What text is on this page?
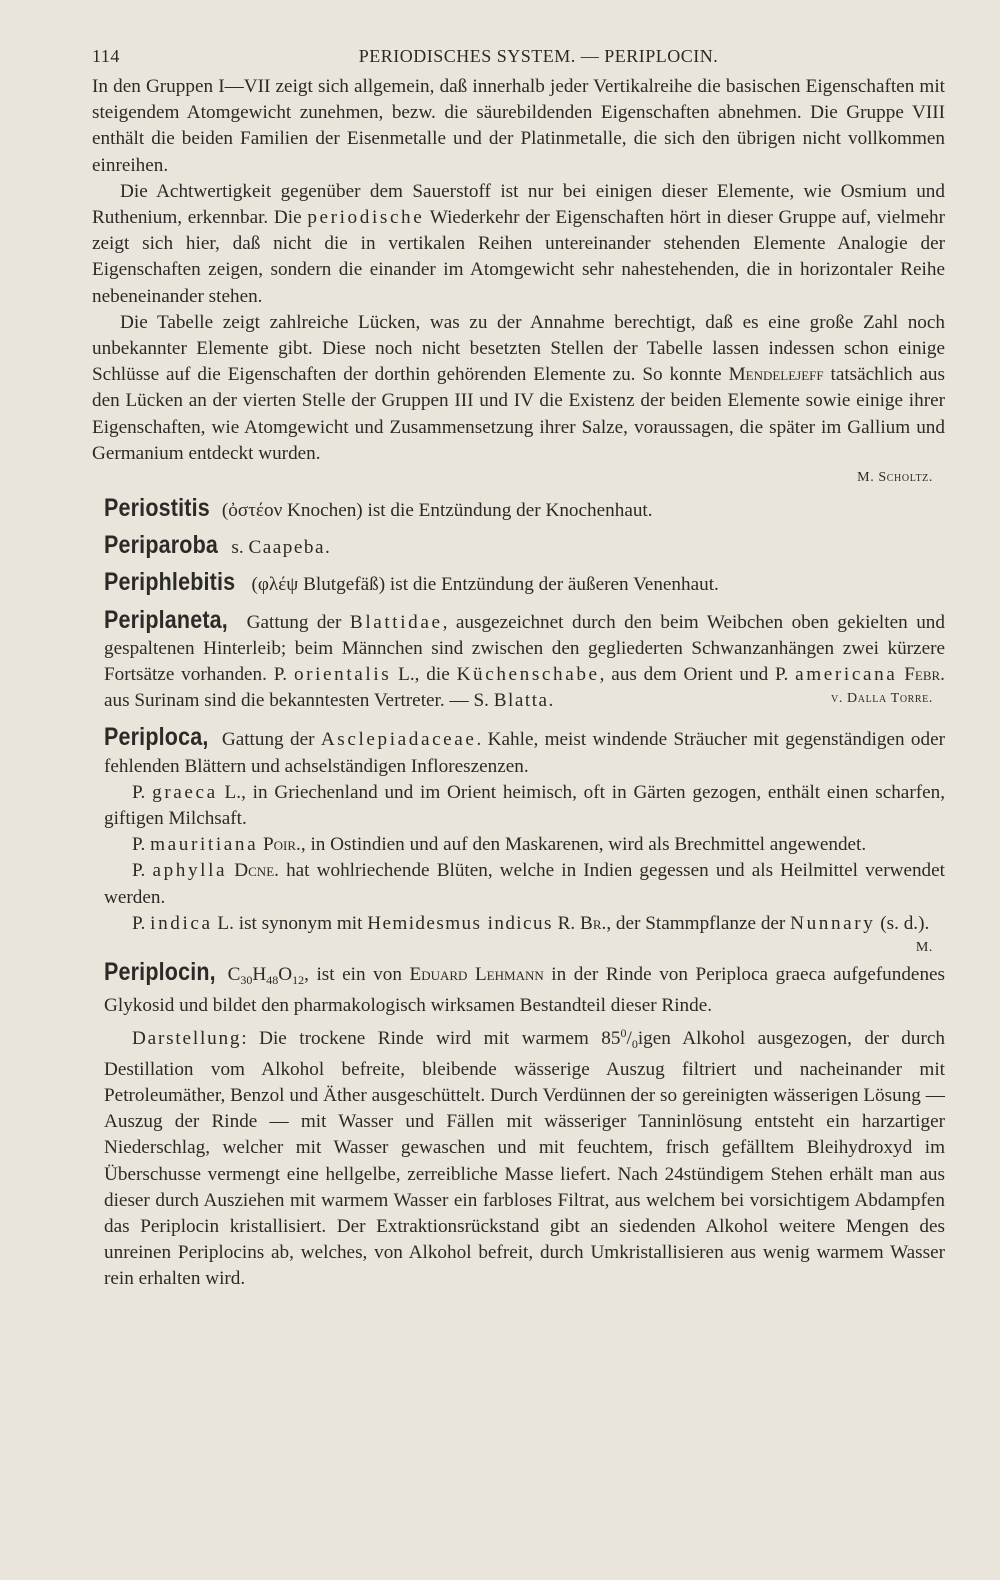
114	PERIODISCHES SYSTEM. — PERIPLOCIN.

In den Gruppen I—VII zeigt sich allgemein, daß innerhalb jeder Vertikalreihe die basischen Eigenschaften mit steigendem Atomgewicht zunehmen, bezw. die säurebildenden Eigenschaften abnehmen. Die Gruppe VIII enthält die beiden Familien der Eisenmetalle und der Platinmetalle, die sich den übrigen nicht vollkommen einreihen.

Die Achtwertigkeit gegenüber dem Sauerstoff ist nur bei einigen dieser Elemente, wie Osmium und Ruthenium, erkennbar. Die periodische Wiederkehr der Eigenschaften hört in dieser Gruppe auf, vielmehr zeigt sich hier, daß nicht die in vertikalen Reihen untereinander stehenden Elemente Analogie der Eigenschaften zeigen, sondern die einander im Atomgewicht sehr nahestehenden, die in horizontaler Reihe nebeneinander stehen.

Die Tabelle zeigt zahlreiche Lücken, was zu der Annahme berechtigt, daß es eine große Zahl noch unbekannter Elemente gibt. Diese noch nicht besetzten Stellen der Tabelle lassen indessen schon einige Schlüsse auf die Eigenschaften der dorthin gehörenden Elemente zu. So konnte Mendelejeff tatsächlich aus den Lücken an der vierten Stelle der Gruppen III und IV die Existenz der beiden Elemente sowie einige ihrer Eigenschaften, wie Atomgewicht und Zusammensetzung ihrer Salze, voraussagen, die später im Gallium und Germanium entdeckt wurden.

M. Scholtz.

Periostitis (ὀστέον Knochen) ist die Entzündung der Knochenhaut.

Periparoba s. Caapeba.

Periphlebitis (φλέψ Blutgefäß) ist die Entzündung der äußeren Venenhaut.

Periplaneta, Gattung der Blattidae, ausgezeichnet durch den beim Weibchen oben gekielten und gespaltenen Hinterleib; beim Männchen sind zwischen den gegliederten Schwanzanhängen zwei kürzere Fortsätze vorhanden. P. orientalis L., die Küchenschabe, aus dem Orient und P. americana Febr. aus Surinam sind die bekanntesten Vertreter. — S. Blatta.	v. Dalla Torre.

Periploca, Gattung der Asclepiadaceae. Kahle, meist windende Sträucher mit gegenständigen oder fehlenden Blättern und achselständigen Infloreszenzen.

P. graeca L., in Griechenland und im Orient heimisch, oft in Gärten gezogen, enthält einen scharfen, giftigen Milchsaft.

P. mauritiana Poir., in Ostindien und auf den Maskarenen, wird als Brechmittel angewendet.

P. aphylla Dcne. hat wohlriechende Blüten, welche in Indien gegessen und als Heilmittel verwendet werden.

P. indica L. ist synonym mit Hemidesmus indicus R. Br., der Stammpflanze der Nunnary (s. d.).
M.

Periplocin, $C_{30}H_{48}O_{12}$, ist ein von Eduard Lehmann in der Rinde von Periploca graeca aufgefundenes Glykosid und bildet den pharmakologisch wirksamen Bestandteil dieser Rinde.

Darstellung: Die trockene Rinde wird mit warmem $85^0/_0igen$ Alkohol ausgezogen, der durch Destillation vom Alkohol befreite, bleibende wässerige Auszug filtriert und nacheinander mit Petroleumäther, Benzol und Äther ausgeschüttelt. Durch Verdünnen der so gereinigten wässerigen Lösung — Auszug der Rinde — mit Wasser und Fällen mit wässeriger Tanninlösung entsteht ein harzartiger Niederschlag, welcher mit Wasser gewaschen und mit feuchtem, frisch gefälltem Bleihydroxyd im Überschusse vermengt eine hellgelbe, zerreibliche Masse liefert. Nach 24stündigem Stehen erhält man aus dieser durch Ausziehen mit warmem Wasser ein farbloses Filtrat, aus welchem bei vorsichtigem Abdampfen das Periplocin kristallisiert. Der Extraktionsrückstand gibt an siedenden Alkohol weitere Mengen des unreinen Periplocins ab, welches, von Alkohol befreit, durch Umkristallisieren aus wenig warmem Wasser rein erhalten wird.
